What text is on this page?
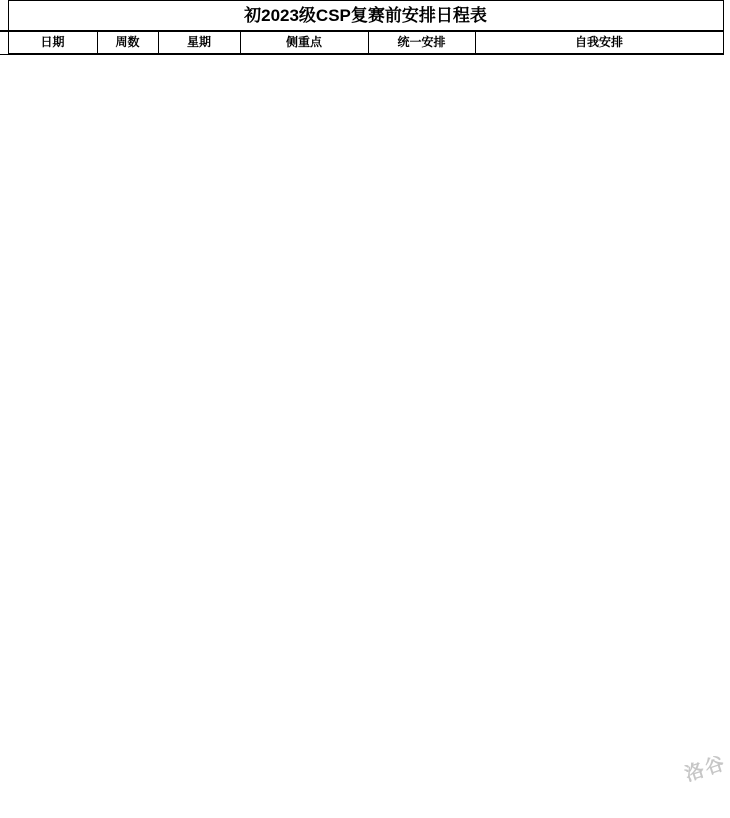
	初2023级CSP复赛前安排日程表					
	日期	周数	星期	侧重点	统一安排	自我安排
洛谷
